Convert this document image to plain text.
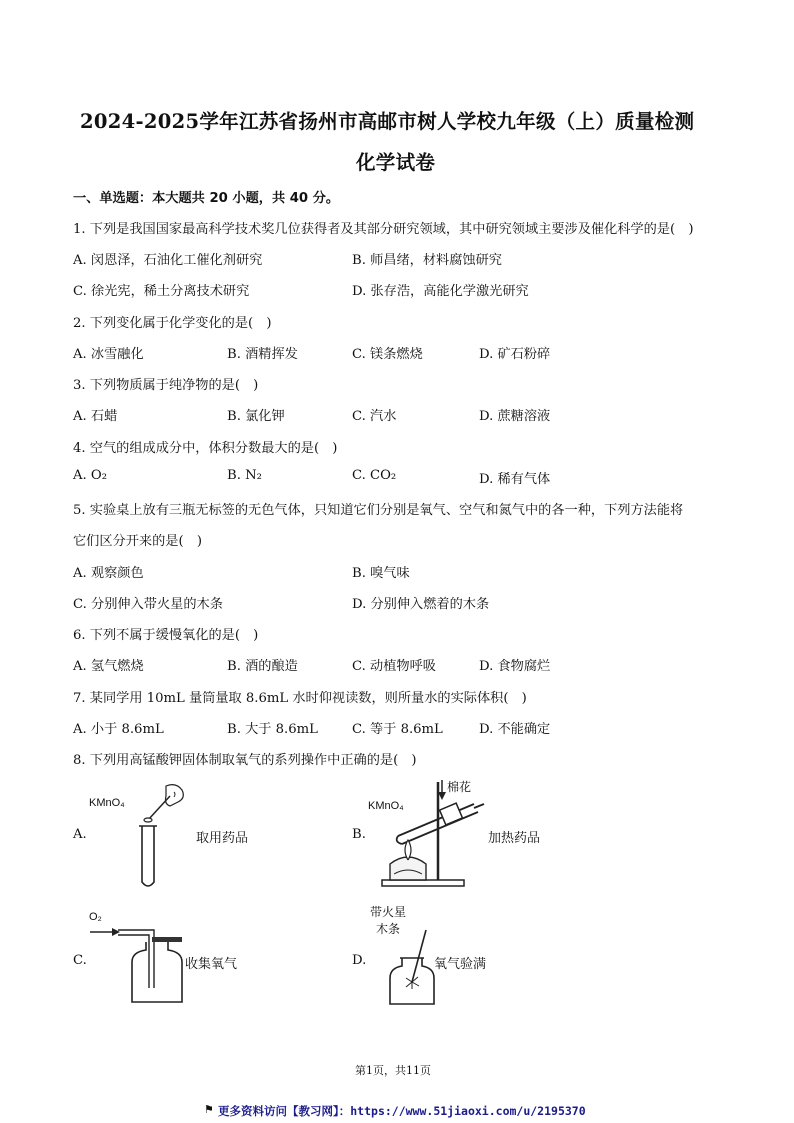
2024-2025学年江苏省扬州市高邮市树人学校九年级（上）质量检测
化学试卷
一、单选题：本大题共 20 小题，共 40 分。
1. 下列是我国国家最高科学技术奖几位获得者及其部分研究领域，其中研究领域主要涉及催化科学的是(　)
A. 闵恩泽，石油化工催化剂研究	B. 师昌绪，材料腐蚀研究
C. 徐光宪，稀土分离技术研究	D. 张存浩，高能化学激光研究
2. 下列变化属于化学变化的是(　)
A. 冰雪融化	B. 酒精挥发	C. 镁条燃烧	D. 矿石粉碎
3. 下列物质属于纯净物的是(　)
A. 石蜡	B. 氯化钾	C. 汽水	D. 蔗糖溶液
4. 空气的组成成分中，体积分数最大的是(　)
A. O₂	B. N₂	C. CO₂	D. 稀有气体
5. 实验桌上放有三瓶无标签的无色气体，只知道它们分别是氧气、空气和氮气中的各一种，下列方法能将
它们区分开来的是(　)
A. 观察颜色	B. 嗅气味
C. 分别伸入带火星的木条	D. 分别伸入燃着的木条
6. 下列不属于缓慢氧化的是(　)
A. 氢气燃烧	B. 酒的酿造	C. 动植物呼吸	D. 食物腐烂
7. 某同学用 10mL 量筒量取 8.6mL 水时仰视读数，则所量水的实际体积(　)
A. 小于 8.6mL	B. 大于 8.6mL	C. 等于 8.6mL	D. 不能确定
8. 下列用高锰酸钾固体制取氧气的系列操作中正确的是(　)
A.
KMnO₄
取用药品	B.
KMnO₄
棉花
加热药品
C.
O₂
收集氧气	D.
带火星
木条
氧气验满
第1页，共11页
⚑ 更多资料访问【教习网】：https://www.51jiaoxi.com/u/2195370
